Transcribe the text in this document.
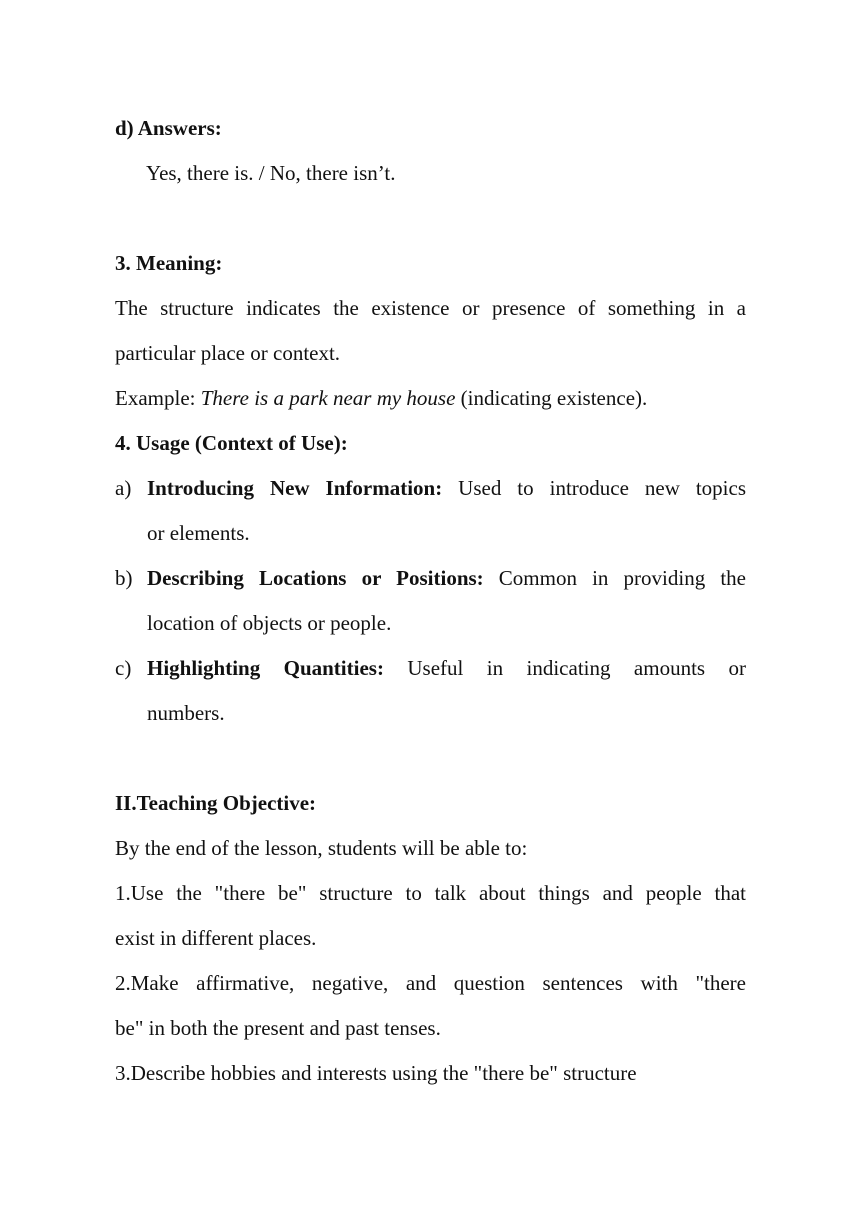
d) Answers:
Yes, there is. / No, there isn’t.
3. Meaning:
The structure indicates the existence or presence of something in a
particular place or context.
Example: There is a park near my house (indicating existence).
4. Usage (Context of Use):
a) Introducing New Information: Used to introduce new topics
or elements.
b) Describing Locations or Positions: Common in providing the
location of objects or people.
c) Highlighting Quantities: Useful in indicating amounts or
numbers.
II.Teaching Objective:
By the end of the lesson, students will be able to:
1.Use the "there be" structure to talk about things and people that
exist in different places.
2.Make affirmative, negative, and question sentences with "there
be" in both the present and past tenses.
3.Describe hobbies and interests using the "there be" structure
